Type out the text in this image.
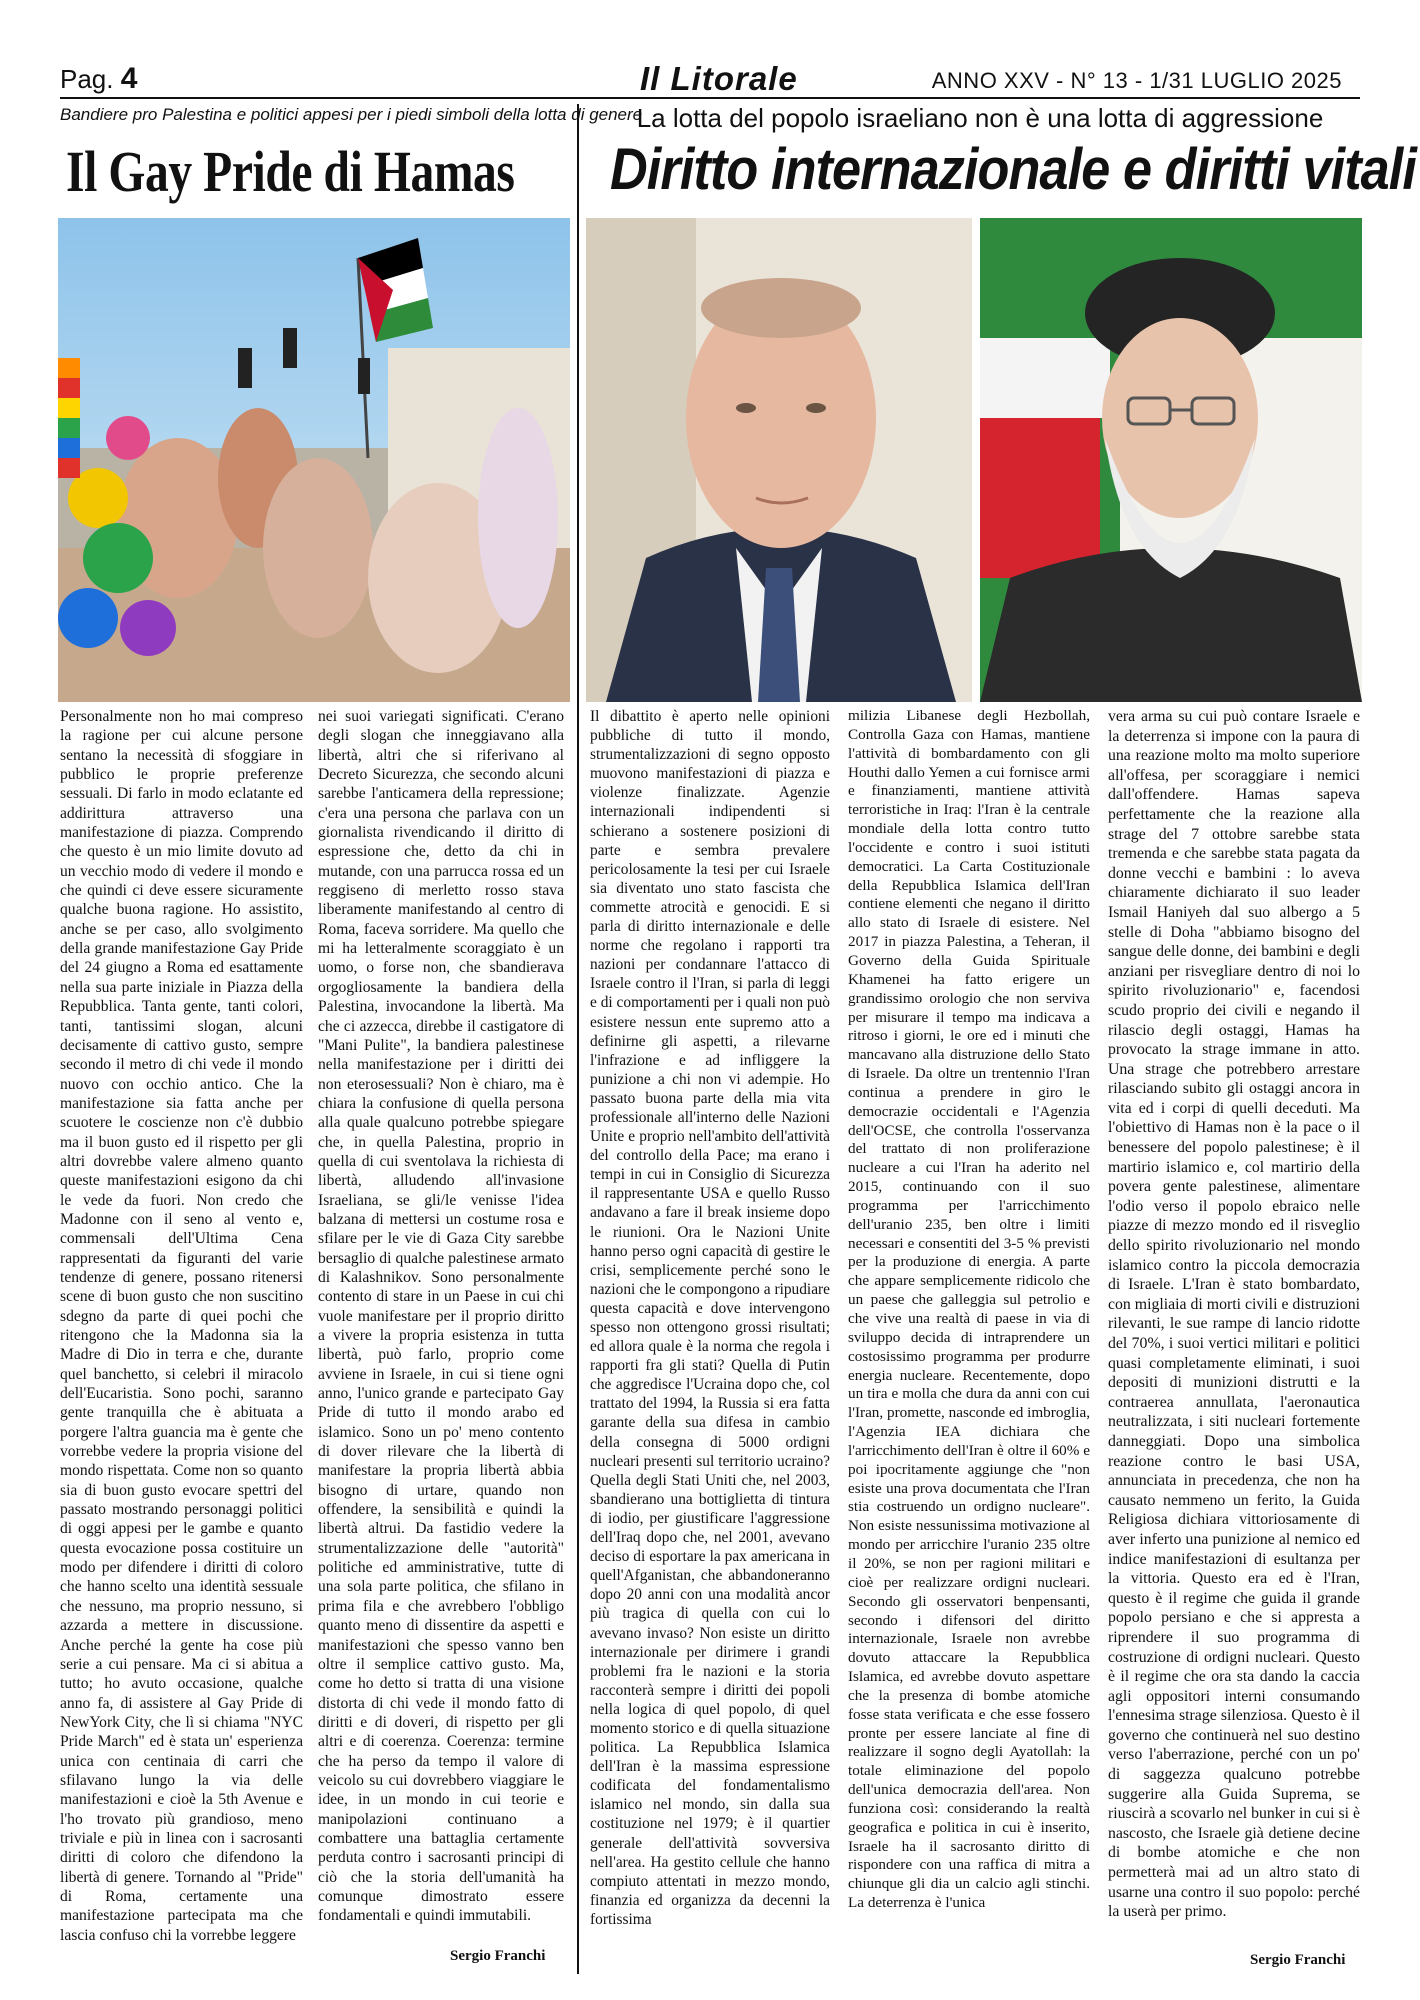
Pag. 4	Il Litorale	ANNO XXV - N° 13 - 1/31 LUGLIO 2025
Bandiere pro Palestina e politici appesi per i piedi simboli della lotta di genere
Il Gay Pride di Hamas
La lotta del popolo israeliano non è una lotta di aggressione
Diritto internazionale e diritti vitali

Personalmente non ho mai compreso la ragione per cui alcune persone sentano la necessità di sfoggiare in pubblico le proprie preferenze sessuali. Di farlo in modo eclatante ed addirittura attraverso una manifestazione di piazza. Comprendo che questo è un mio limite dovuto ad un vecchio modo di vedere il mondo e che quindi ci deve essere sicuramente qualche buona ragione. Ho assistito, anche se per caso, allo svolgimento della grande manifestazione Gay Pride del 24 giugno a Roma ed esattamente nella sua parte iniziale in Piazza della Repubblica. Tanta gente, tanti colori, tanti, tantissimi slogan, alcuni decisamente di cattivo gusto, sempre secondo il metro di chi vede il mondo nuovo con occhio antico. Che la manifestazione sia fatta anche per scuotere le coscienze non c'è dubbio ma il buon gusto ed il rispetto per gli altri dovrebbe valere almeno quanto queste manifestazioni esigono da chi le vede da fuori. Non credo che Madonne con il seno al vento e, commensali dell'Ultima Cena rappresentati da figuranti del varie tendenze di genere, possano ritenersi scene di buon gusto che non suscitino sdegno da parte di quei pochi che ritengono che la Madonna sia la Madre di Dio in terra e che, durante quel banchetto, si celebri il miracolo dell'Eucaristia. Sono pochi, saranno gente tranquilla che è abituata a porgere l'altra guancia ma è gente che vorrebbe vedere la propria visione del mondo rispettata. Come non so quanto sia di buon gusto evocare spettri del passato mostrando personaggi politici di oggi appesi per le gambe e quanto questa evocazione possa costituire un modo per difendere i diritti di coloro che hanno scelto una identità sessuale che nessuno, ma proprio nessuno, si azzarda a mettere in discussione. Anche perché la gente ha cose più serie a cui pensare. Ma ci si abitua a tutto; ho avuto occasione, qualche anno fa, di assistere al Gay Pride di NewYork City, che lì si chiama "NYC Pride March" ed è stata un' esperienza unica con centinaia di carri che sfilavano lungo la via delle manifestazioni e cioè la 5th Avenue e l'ho trovato più grandioso, meno triviale e più in linea con i sacrosanti diritti di coloro che difendono la libertà di genere. Tornando al "Pride" di Roma, certamente una manifestazione partecipata ma che lascia confuso chi la vorrebbe leggere

nei suoi variegati significati. C'erano degli slogan che inneggiavano alla libertà, altri che si riferivano al Decreto Sicurezza, che secondo alcuni sarebbe l'anticamera della repressione; c'era una persona che parlava con un giornalista rivendicando il diritto di espressione che, detto da chi in mutande, con una parrucca rossa ed un reggiseno di merletto rosso stava liberamente manifestando al centro di Roma, faceva sorridere. Ma quello che mi ha letteralmente scoraggiato è un uomo, o forse non, che sbandierava orgogliosamente la bandiera della Palestina, invocandone la libertà. Ma che ci azzecca, direbbe il castigatore di "Mani Pulite", la bandiera palestinese nella manifestazione per i diritti dei non eterosessuali? Non è chiaro, ma è chiara la confusione di quella persona alla quale qualcuno potrebbe spiegare che, in quella Palestina, proprio in quella di cui sventolava la richiesta di libertà, alludendo all'invasione Israeliana, se gli/le venisse l'idea balzana di mettersi un costume rosa e sfilare per le vie di Gaza City sarebbe bersaglio di qualche palestinese armato di Kalashnikov. Sono personalmente contento di stare in un Paese in cui chi vuole manifestare per il proprio diritto a vivere la propria esistenza in tutta libertà, può farlo, proprio come avviene in Israele, in cui si tiene ogni anno, l'unico grande e partecipato Gay Pride di tutto il mondo arabo ed islamico. Sono un po' meno contento di dover rilevare che la libertà di manifestare la propria libertà abbia bisogno di urtare, quando non offendere, la sensibilità e quindi la libertà altrui. Da fastidio vedere la strumentalizzazione delle "autorità" politiche ed amministrative, tutte di una sola parte politica, che sfilano in prima fila e che avrebbero l'obbligo quanto meno di dissentire da aspetti e manifestazioni che spesso vanno ben oltre il semplice cattivo gusto. Ma, come ho detto si tratta di una visione distorta di chi vede il mondo fatto di diritti e di doveri, di rispetto per gli altri e di coerenza. Coerenza: termine che ha perso da tempo il valore di veicolo su cui dovrebbero viaggiare le idee, in un mondo in cui teorie e manipolazioni continuano a combattere una battaglia certamente perduta contro i sacrosanti principi di ciò che la storia dell'umanità ha comunque dimostrato essere fondamentali e quindi immutabili.

Sergio Franchi

Il dibattito è aperto nelle opinioni pubbliche di tutto il mondo, strumentalizzazioni di segno opposto muovono manifestazioni di piazza e violenze finalizzate. Agenzie internazionali indipendenti si schierano a sostenere posizioni di parte e sembra prevalere pericolosamente la tesi per cui Israele sia diventato uno stato fascista che commette atrocità e genocidi. E si parla di diritto internazionale e delle norme che regolano i rapporti tra nazioni per condannare l'attacco di Israele contro il l'Iran, si parla di leggi e di comportamenti per i quali non può esistere nessun ente supremo atto a definirne gli aspetti, a rilevarne l'infrazione e ad infliggere la punizione a chi non vi adempie. Ho passato buona parte della mia vita professionale all'interno delle Nazioni Unite e proprio nell'ambito dell'attività del controllo della Pace; ma erano i tempi in cui in Consiglio di Sicurezza il rappresentante USA e quello Russo andavano a fare il break insieme dopo le riunioni. Ora le Nazioni Unite hanno perso ogni capacità di gestire le crisi, semplicemente perché sono le nazioni che le compongono a ripudiare questa capacità e dove intervengono spesso non ottengono grossi risultati; ed allora quale è la norma che regola i rapporti fra gli stati? Quella di Putin che aggredisce l'Ucraina dopo che, col trattato del 1994, la Russia si era fatta garante della sua difesa in cambio della consegna di 5000 ordigni nucleari presenti sul territorio ucraino? Quella degli Stati Uniti che, nel 2003, sbandierano una bottiglietta di tintura di iodio, per giustificare l'aggressione dell'Iraq dopo che, nel 2001, avevano deciso di esportare la pax americana in quell'Afganistan, che abbandoneranno dopo 20 anni con una modalità ancor più tragica di quella con cui lo avevano invaso? Non esiste un diritto internazionale per dirimere i grandi problemi fra le nazioni e la storia racconterà sempre i diritti dei popoli nella logica di quel popolo, di quel momento storico e di quella situazione politica. La Repubblica Islamica dell'Iran è la massima espressione codificata del fondamentalismo islamico nel mondo, sin dalla sua costituzione nel 1979; è il quartier generale dell'attività sovversiva nell'area. Ha gestito cellule che hanno compiuto attentati in mezzo mondo, finanzia ed organizza da decenni la fortissima

milizia Libanese degli Hezbollah, Controlla Gaza con Hamas, mantiene l'attività di bombardamento con gli Houthi dallo Yemen a cui fornisce armi e finanziamenti, mantiene attività terroristiche in Iraq: l'Iran è la centrale mondiale della lotta contro tutto l'occidente e contro i suoi istituti democratici. La Carta Costituzionale della Repubblica Islamica dell'Iran contiene elementi che negano il diritto allo stato di Israele di esistere. Nel 2017 in piazza Palestina, a Teheran, il Governo della Guida Spirituale Khamenei ha fatto erigere un grandissimo orologio che non serviva per misurare il tempo ma indicava a ritroso i giorni, le ore ed i minuti che mancavano alla distruzione dello Stato di Israele. Da oltre un trentennio l'Iran continua a prendere in giro le democrazie occidentali e l'Agenzia dell'OCSE, che controlla l'osservanza del trattato di non proliferazione nucleare a cui l'Iran ha aderito nel 2015, continuando con il suo programma per l'arricchimento dell'uranio 235, ben oltre i limiti necessari e consentiti del 3-5 % previsti per la produzione di energia. A parte che appare semplicemente ridicolo che un paese che galleggia sul petrolio e che vive una realtà di paese in via di sviluppo decida di intraprendere un costosissimo programma per produrre energia nucleare. Recentemente, dopo un tira e molla che dura da anni con cui l'Iran, promette, nasconde ed imbroglia, l'Agenzia IEA dichiara che l'arricchimento dell'Iran è oltre il 60% e poi ipocritamente aggiunge che "non esiste una prova documentata che l'Iran stia costruendo un ordigno nucleare". Non esiste nessunissima motivazione al mondo per arricchire l'uranio 235 oltre il 20%, se non per ragioni militari e cioè per realizzare ordigni nucleari. Secondo gli osservatori benpensanti, secondo i difensori del diritto internazionale, Israele non avrebbe dovuto attaccare la Repubblica Islamica, ed avrebbe dovuto aspettare che la presenza di bombe atomiche fosse stata verificata e che esse fossero pronte per essere lanciate al fine di realizzare il sogno degli Ayatollah: la totale eliminazione del popolo dell'unica democrazia dell'area. Non funziona così: considerando la realtà geografica e politica in cui è inserito, Israele ha il sacrosanto diritto di rispondere con una raffica di mitra a chiunque gli dia un calcio agli stinchi. La deterrenza è l'unica

vera arma su cui può contare Israele e la deterrenza si impone con la paura di una reazione molto ma molto superiore all'offesa, per scoraggiare i nemici dall'offendere. Hamas sapeva perfettamente che la reazione alla strage del 7 ottobre sarebbe stata tremenda e che sarebbe stata pagata da donne vecchi e bambini : lo aveva chiaramente dichiarato il suo leader Ismail Haniyeh dal suo albergo a 5 stelle di Doha "abbiamo bisogno del sangue delle donne, dei bambini e degli anziani per risvegliare dentro di noi lo spirito rivoluzionario" e, facendosi scudo proprio dei civili e negando il rilascio degli ostaggi, Hamas ha provocato la strage immane in atto. Una strage che potrebbero arrestare rilasciando subito gli ostaggi ancora in vita ed i corpi di quelli deceduti. Ma l'obiettivo di Hamas non è la pace o il benessere del popolo palestinese; è il martirio islamico e, col martirio della povera gente palestinese, alimentare l'odio verso il popolo ebraico nelle piazze di mezzo mondo ed il risveglio dello spirito rivoluzionario nel mondo islamico contro la piccola democrazia di Israele. L'Iran è stato bombardato, con migliaia di morti civili e distruzioni rilevanti, le sue rampe di lancio ridotte del 70%, i suoi vertici militari e politici quasi completamente eliminati, i suoi depositi di munizioni distrutti e la contraerea annullata, l'aeronautica neutralizzata, i siti nucleari fortemente danneggiati. Dopo una simbolica reazione contro le basi USA, annunciata in precedenza, che non ha causato nemmeno un ferito, la Guida Religiosa dichiara vittoriosamente di aver inferto una punizione al nemico ed indice manifestazioni di esultanza per la vittoria. Questo era ed è l'Iran, questo è il regime che guida il grande popolo persiano e che si appresta a riprendere il suo programma di costruzione di ordigni nucleari. Questo è il regime che ora sta dando la caccia agli oppositori interni consumando l'ennesima strage silenziosa. Questo è il governo che continuerà nel suo destino verso l'aberrazione, perché con un po' di saggezza qualcuno potrebbe suggerire alla Guida Suprema, se riuscirà a scovarlo nel bunker in cui si è nascosto, che Israele già detiene decine di bombe atomiche e che non permetterà mai ad un altro stato di usarne una contro il suo popolo: perché la userà per primo.

Sergio Franchi
